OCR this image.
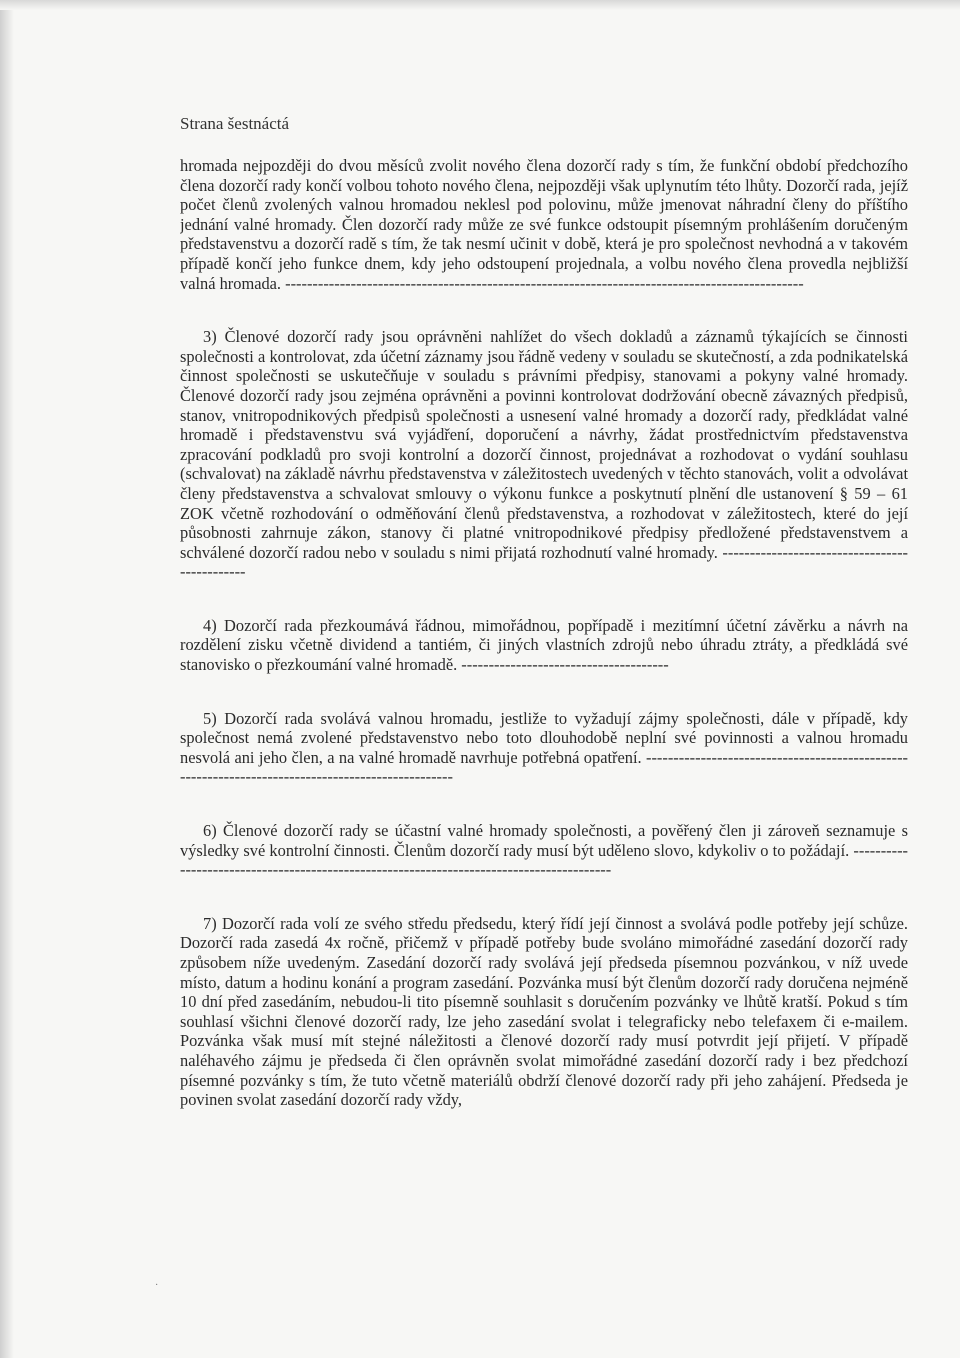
Strana šestnáctá

hromada nejpozději do dvou měsíců zvolit nového člena dozorčí rady s tím, že funkční období předchozího člena dozorčí rady končí volbou tohoto nového člena, nejpozději však uplynutím této lhůty. Dozorčí rada, jejíž počet členů zvolených valnou hromadou neklesl pod polovinu, může jmenovat náhradní členy do příštího jednání valné hromady. Člen dozorčí rady může ze své funkce odstoupit písemným prohlášením doručeným představenstvu a dozorčí radě s tím, že tak nesmí učinit v době, která je pro společnost nevhodná a v takovém případě končí jeho funkce dnem, kdy jeho odstoupení projednala, a volbu nového člena provedla nejbližší valná hromada. -----------------------------------------------------------------------------------------------

3) Členové dozorčí rady jsou oprávněni nahlížet do všech dokladů a záznamů týkajících se činnosti společnosti a kontrolovat, zda účetní záznamy jsou řádně vedeny v souladu se skutečností, a zda podnikatelská činnost společnosti se uskutečňuje v souladu s právními předpisy, stanovami a pokyny valné hromady. Členové dozorčí rady jsou zejména oprávněni a povinni kontrolovat dodržování obecně závazných předpisů, stanov, vnitropodnikových předpisů společnosti a usnesení valné hromady a dozorčí rady, předkládat valné hromadě i představenstvu svá vyjádření, doporučení a návrhy, žádat prostřednictvím představenstva zpracování podkladů pro svoji kontrolní a dozorčí činnost, projednávat a rozhodovat o vydání souhlasu (schvalovat) na základě návrhu představenstva v záležitostech uvedených v těchto stanovách, volit a odvolávat členy představenstva a schvalovat smlouvy o výkonu funkce a poskytnutí plnění dle ustanovení § 59 – 61 ZOK včetně rozhodování o odměňování členů představenstva, a rozhodovat v záležitostech, které do její působnosti zahrnuje zákon, stanovy či platné vnitropodnikové předpisy předložené představenstvem a schválené dozorčí radou nebo v souladu s nimi přijatá rozhodnutí valné hromady. ----------------------------------------------

4) Dozorčí rada přezkoumává řádnou, mimořádnou, popřípadě i mezitímní účetní závěrku a návrh na rozdělení zisku včetně dividend a tantiém, či jiných vlastních zdrojů nebo úhradu ztráty, a předkládá své stanovisko o přezkoumání valné hromadě. --------------------------------------

5) Dozorčí rada svolává valnou hromadu, jestliže to vyžadují zájmy společnosti, dále v případě, kdy společnost nemá zvolené představenstvo nebo toto dlouhodobě neplní své povinnosti a valnou hromadu nesvolá ani jeho člen, a na valné hromadě navrhuje potřebná opatření. --------------------------------------------------------------------------------------------------

6) Členové dozorčí rady se účastní valné hromady společnosti, a pověřený člen ji zároveň seznamuje s výsledky své kontrolní činnosti. Členům dozorčí rady musí být uděleno slovo, kdykoliv o to požádají. -----------------------------------------------------------------------------------------

7) Dozorčí rada volí ze svého středu předsedu, který řídí její činnost a svolává podle potřeby její schůze. Dozorčí rada zasedá 4x ročně, přičemž v případě potřeby bude svoláno mimořádné zasedání dozorčí rady způsobem níže uvedeným. Zasedání dozorčí rady svolává její předseda písemnou pozvánkou, v níž uvede místo, datum a hodinu konání a program zasedání. Pozvánka musí být členům dozorčí rady doručena nejméně 10 dní před zasedáním, nebudou-li tito písemně souhlasit s doručením pozvánky ve lhůtě kratší. Pokud s tím souhlasí všichni členové dozorčí rady, lze jeho zasedání svolat i telegraficky nebo telefaxem či e-mailem. Pozvánka však musí mít stejné náležitosti a členové dozorčí rady musí potvrdit její přijetí. V případě naléhavého zájmu je předseda či člen oprávněn svolat mimořádné zasedání dozorčí rady i bez předchozí písemné pozvánky s tím, že tuto včetně materiálů obdrží členové dozorčí rady při jeho zahájení. Předseda je povinen svolat zasedání dozorčí rady vždy,

·
